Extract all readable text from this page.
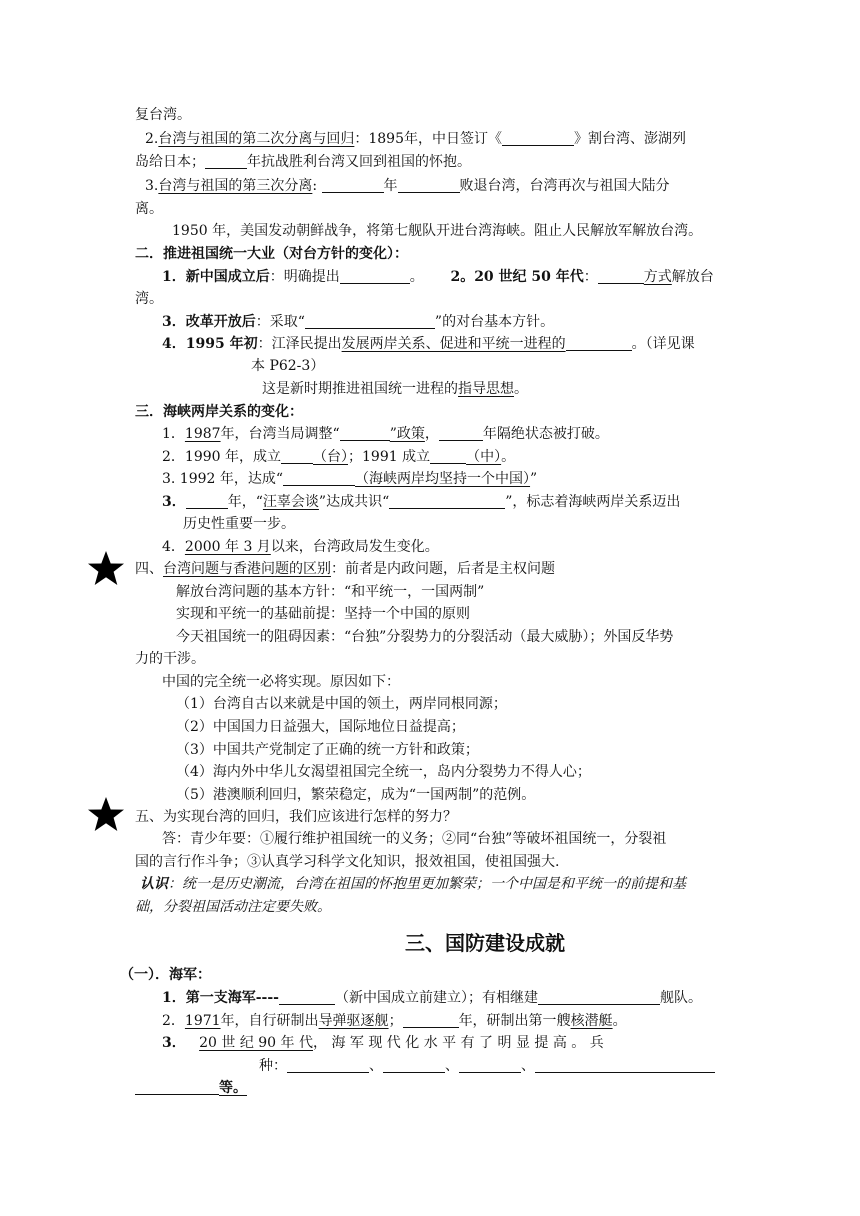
复台湾。
2.台湾与祖国的第二次分离与回归：1895年，中日签订《	》割台湾、澎湖列
岛给日本；	年抗战胜利台湾又回到祖国的怀抱。
3.台湾与祖国的第三次分离:	年	败退台湾，台湾再次与祖国大陆分
离。
1950 年，美国发动朝鲜战争，将第七舰队开进台湾海峡。阻止人民解放军解放台湾。
二．推进祖国统一大业（对台方针的变化）：
1．新中国成立后：明确提出	。 2。20 世纪 50 年代：	方式解放台
湾。
3．改革开放后：采取“	”的对台基本方针。
4．1995 年初：江泽民提出发展两岸关系、促进和平统一进程的	。（详见课
本 P62-3）
这是新时期推进祖国统一进程的指导思想。
三．海峡两岸关系的变化：
1．1987年，台湾当局调整“	”政策，	年隔绝状态被打破。
2．1990 年，成立 （台）；1991 成立	（中）。
3. 1992 年，达成“	（海峡两岸均坚持一个中国）”
3．	年，“汪辜会谈”达成共识“	”，标志着海峡两岸关系迈出
历史性重要一步。
4．2000 年 3 月以来，台湾政局发生变化。
四、台湾问题与香港问题的区别：前者是内政问题，后者是主权问题
解放台湾问题的基本方针：“和平统一，一国两制”
实现和平统一的基础前提：坚持一个中国的原则
今天祖国统一的阻碍因素：“台独”分裂势力的分裂活动（最大威胁）；外国反华势
力的干涉。
中国的完全统一必将实现。原因如下：
（1）台湾自古以来就是中国的领土，两岸同根同源；
（2）中国国力日益强大，国际地位日益提高；
（3）中国共产党制定了正确的统一方针和政策；
（4）海内外中华儿女渴望祖国完全统一，岛内分裂势力不得人心；
（5）港澳顺利回归，繁荣稳定，成为“一国两制”的范例。
五、为实现台湾的回归，我们应该进行怎样的努力？
答：青少年要：①履行维护祖国统一的义务；②同“台独”等破坏祖国统一，分裂祖
国的言行作斗争；③认真学习科学文化知识，报效祖国，使祖国强大.
认识：统一是历史潮流，台湾在祖国的怀抱里更加繁荣；一个中国是和平统一的前提和基
础，分裂祖国活动注定要失败。
三、国防建设成就
（一）．海军：
1．第一支海军----	（新中国成立前建立）；有相继建	舰队。
2．1971年，自行研制出导弹驱逐舰；	年，研制出第一艘核潜艇。
3． 20 世 纪 90 年 代， 海 军 现 代 化 水 平 有 了 明 显 提 高 。 兵
种：	、	、	、
等。
